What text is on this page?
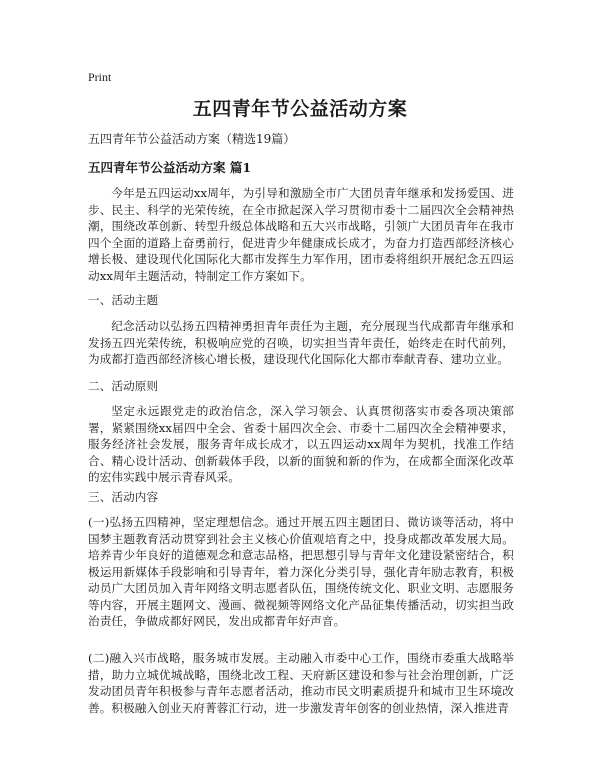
Print
五四青年节公益活动方案
五四青年节公益活动方案（精选19篇）
五四青年节公益活动方案 篇1

今年是五四运动xx周年，为引导和激励全市广大团员青年继承和发扬爱国、进步、民主、科学的光荣传统，在全市掀起深入学习贯彻市委十二届四次全会精神热潮，围绕改革创新、转型升级总体战略和五大兴市战略，引领广大团员青年在我市四个全面的道路上奋勇前行，促进青少年健康成长成才，为奋力打造西部经济核心增长极、建设现代化国际化大都市发挥生力军作用，团市委将组织开展纪念五四运动xx周年主题活动，特制定工作方案如下。

一、活动主题

纪念活动以弘扬五四精神勇担青年责任为主题，充分展现当代成都青年继承和发扬五四光荣传统，积极响应党的召唤，切实担当青年责任，始终走在时代前列，为成都打造西部经济核心增长极，建设现代化国际化大都市奉献青春、建功立业。

二、活动原则

坚定永远跟党走的政治信念，深入学习领会、认真贯彻落实市委各项决策部署，紧紧围绕xx届四中全会、省委十届四次全会、市委十二届四次全会精神要求，服务经济社会发展，服务青年成长成才，以五四运动xx周年为契机，找准工作结合、精心设计活动、创新载体手段，以新的面貌和新的作为，在成都全面深化改革的宏伟实践中展示青春风采。

三、活动内容

(一)弘扬五四精神，坚定理想信念。通过开展五四主题团日、微访谈等活动，将中国梦主题教育活动贯穿到社会主义核心价值观培育之中，投身成都改革发展大局。培养青少年良好的道德观念和意志品格，把思想引导与青年文化建设紧密结合，积极运用新媒体手段影响和引导青年，着力深化分类引导，强化青年励志教育，积极动员广大团员加入青年网络文明志愿者队伍，围绕传统文化、职业文明、志愿服务等内容，开展主题网文、漫画、微视频等网络文化产品征集传播活动，切实担当政治责任，争做成都好网民，发出成都青年好声音。

(二)融入兴市战略，服务城市发展。主动融入市委中心工作，围绕市委重大战略举措，助力立城优城战略，围绕北改工程、天府新区建设和参与社会治理创新，广泛发动团员青年积极参与青年志愿者活动，推动市民文明素质提升和城市卫生环境改善。积极融入创业天府菁蓉汇行动，进一步激发青年创客的创业热情，深入推进青
